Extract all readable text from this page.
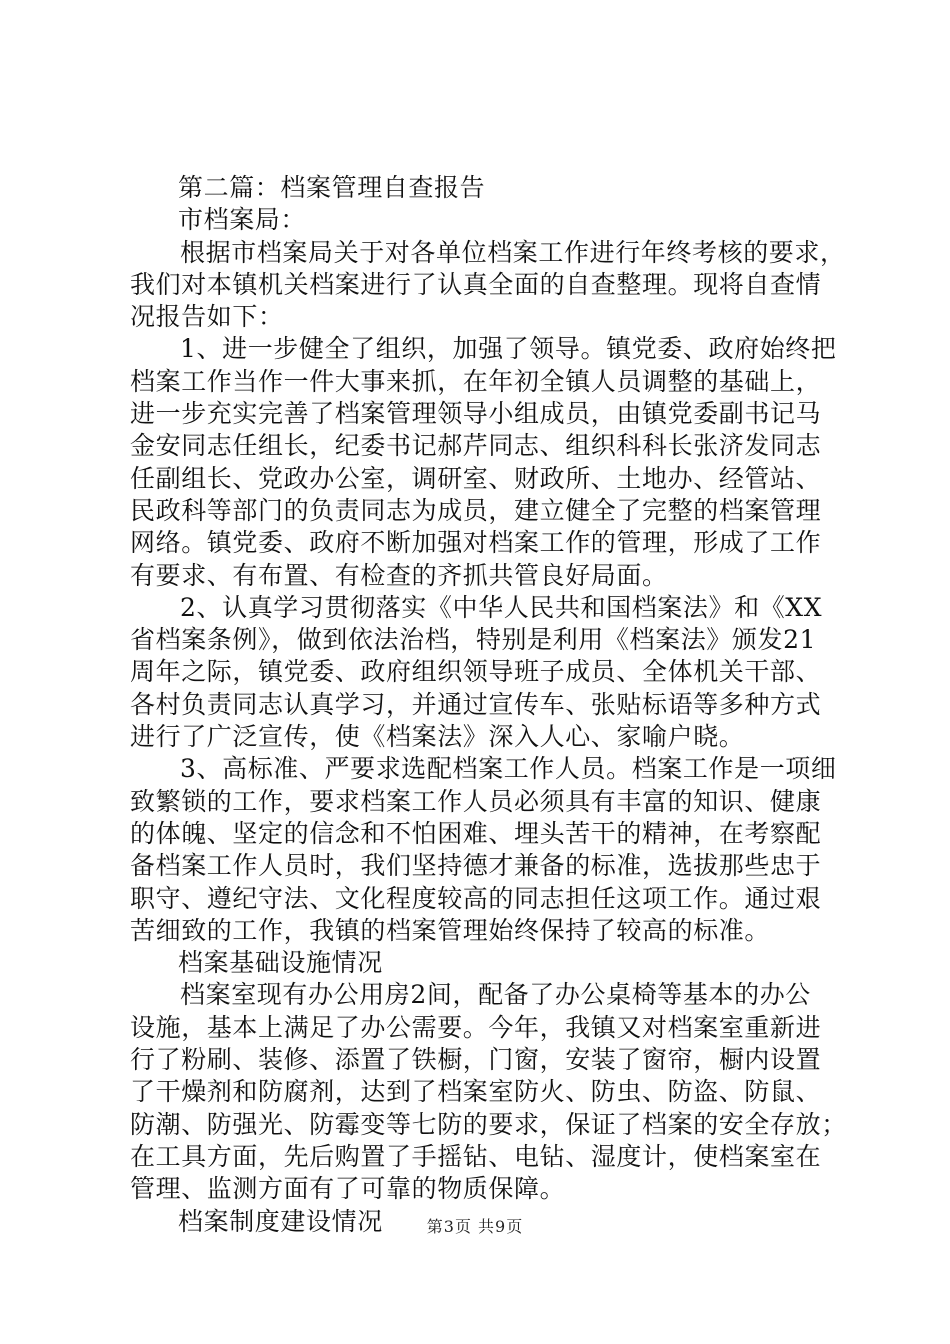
第二篇：档案管理自查报告
市档案局：
根据市档案局关于对各单位档案工作进行年终考核的要求，
我们对本镇机关档案进行了认真全面的自查整理。现将自查情
况报告如下：
1、进一步健全了组织，加强了领导。镇党委、政府始终把
档案工作当作一件大事来抓，在年初全镇人员调整的基础上，
进一步充实完善了档案管理领导小组成员，由镇党委副书记马
金安同志任组长，纪委书记郝芹同志、组织科科长张济发同志
任副组长、党政办公室，调研室、财政所、土地办、经管站、
民政科等部门的负责同志为成员，建立健全了完整的档案管理
网络。镇党委、政府不断加强对档案工作的管理，形成了工作
有要求、有布置、有检查的齐抓共管良好局面。
2、认真学习贯彻落实《中华人民共和国档案法》和《XX
省档案条例》，做到依法治档，特别是利用《档案法》颁发21
周年之际，镇党委、政府组织领导班子成员、全体机关干部、
各村负责同志认真学习，并通过宣传车、张贴标语等多种方式
进行了广泛宣传，使《档案法》深入人心、家喻户晓。
3、高标准、严要求选配档案工作人员。档案工作是一项细
致繁锁的工作，要求档案工作人员必须具有丰富的知识、健康
的体魄、坚定的信念和不怕困难、埋头苦干的精神，在考察配
备档案工作人员时，我们坚持德才兼备的标准，选拔那些忠于
职守、遵纪守法、文化程度较高的同志担任这项工作。通过艰
苦细致的工作，我镇的档案管理始终保持了较高的标准。
档案基础设施情况
档案室现有办公用房2间，配备了办公桌椅等基本的办公
设施，基本上满足了办公需要。今年，我镇又对档案室重新进
行了粉刷、装修、添置了铁橱，门窗，安装了窗帘，橱内设置
了干燥剂和防腐剂，达到了档案室防火、防虫、防盗、防鼠、
防潮、防强光、防霉变等七防的要求，保证了档案的安全存放；
在工具方面，先后购置了手摇钻、电钻、湿度计，使档案室在
管理、监测方面有了可靠的物质保障。
档案制度建设情况	第3页 共9页
